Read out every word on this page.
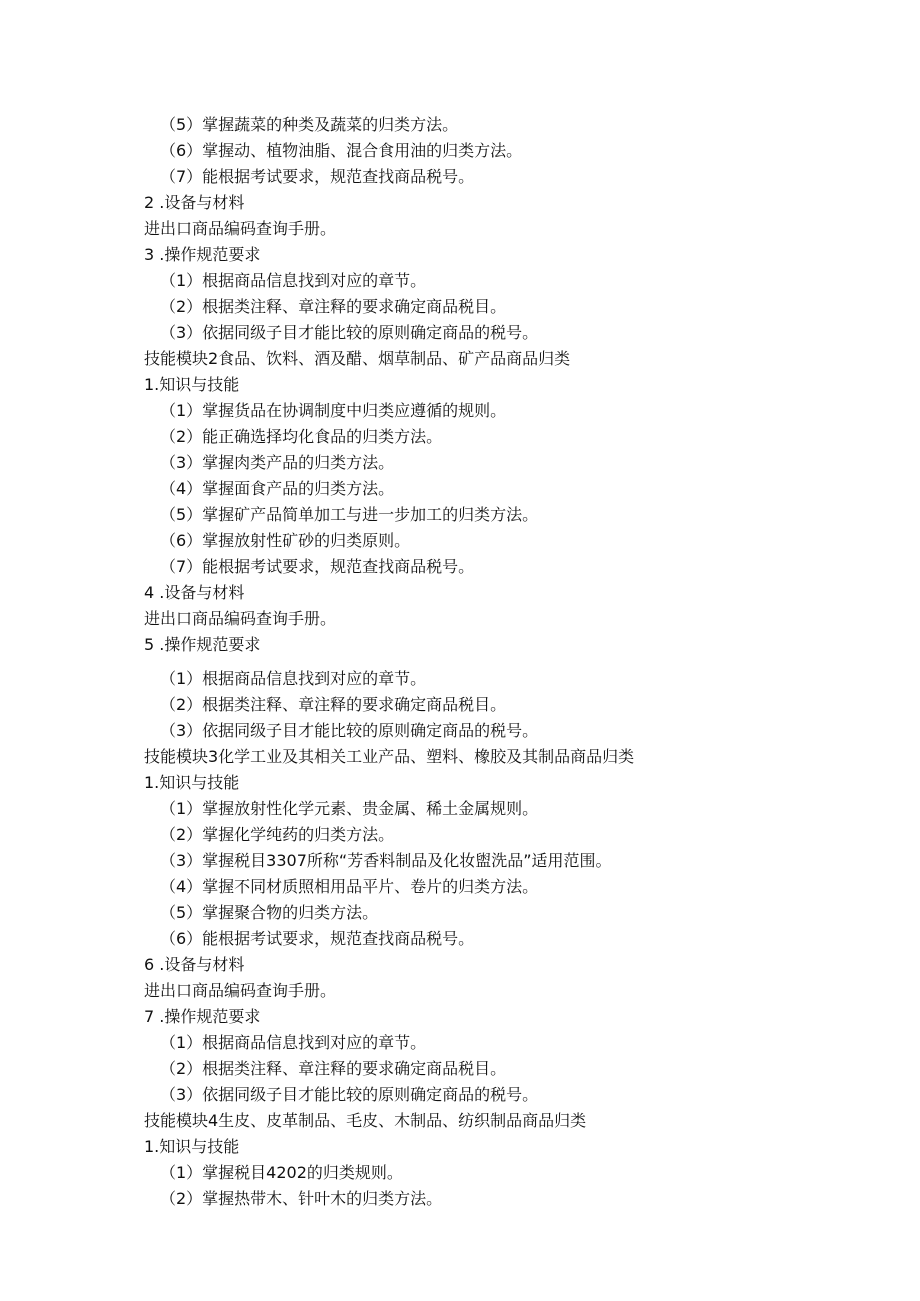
（5）掌握蔬菜的种类及蔬菜的归类方法。
（6）掌握动、植物油脂、混合食用油的归类方法。
（7）能根据考试要求，规范查找商品税号。
2 .设备与材料
进出口商品编码查询手册。
3 .操作规范要求
（1）根据商品信息找到对应的章节。
（2）根据类注释、章注释的要求确定商品税目。
（3）依据同级子目才能比较的原则确定商品的税号。
技能模块2食品、饮料、酒及醋、烟草制品、矿产品商品归类
1.知识与技能
（1）掌握货品在协调制度中归类应遵循的规则。
（2）能正确选择均化食品的归类方法。
（3）掌握肉类产品的归类方法。
（4）掌握面食产品的归类方法。
（5）掌握矿产品简单加工与进一步加工的归类方法。
（6）掌握放射性矿砂的归类原则。
（7）能根据考试要求，规范查找商品税号。
4 .设备与材料
进出口商品编码查询手册。
5 .操作规范要求
（1）根据商品信息找到对应的章节。
（2）根据类注释、章注释的要求确定商品税目。
（3）依据同级子目才能比较的原则确定商品的税号。
技能模块3化学工业及其相关工业产品、塑料、橡胶及其制品商品归类
1.知识与技能
（1）掌握放射性化学元素、贵金属、稀土金属规则。
（2）掌握化学纯药的归类方法。
（3）掌握税目3307所称“芳香料制品及化妆盥洗品”适用范围。
（4）掌握不同材质照相用品平片、卷片的归类方法。
（5）掌握聚合物的归类方法。
（6）能根据考试要求，规范查找商品税号。
6 .设备与材料
进出口商品编码查询手册。
7 .操作规范要求
（1）根据商品信息找到对应的章节。
（2）根据类注释、章注释的要求确定商品税目。
（3）依据同级子目才能比较的原则确定商品的税号。
技能模块4生皮、皮革制品、毛皮、木制品、纺织制品商品归类
1.知识与技能
（1）掌握税目4202的归类规则。
（2）掌握热带木、针叶木的归类方法。
